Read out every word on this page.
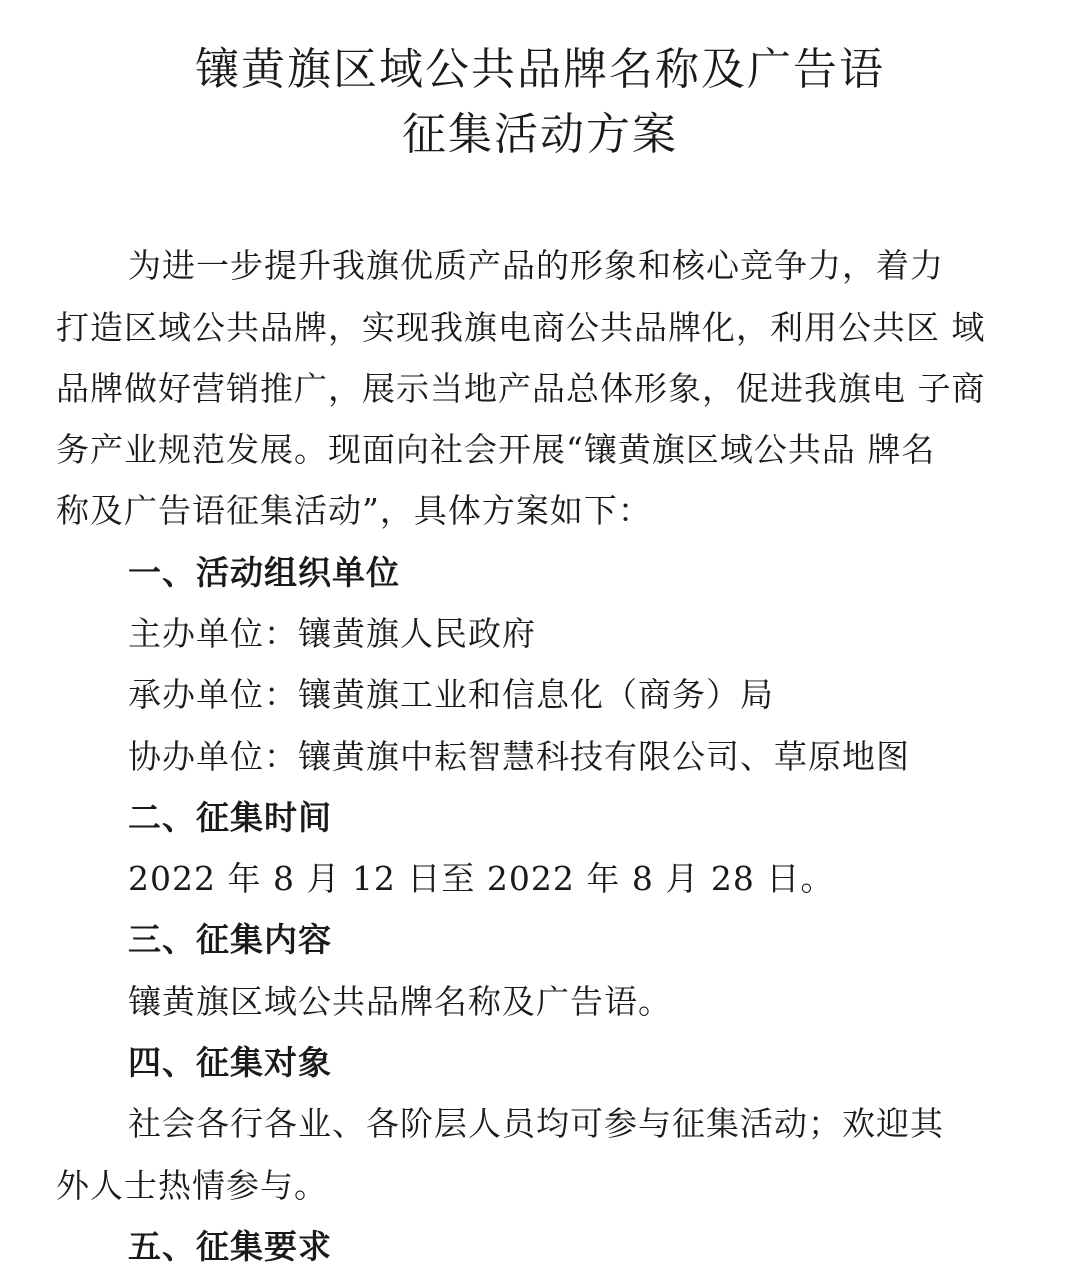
镶黄旗区域公共品牌名称及广告语
征集活动方案

为进一步提升我旗优质产品的形象和核心竞争力，着力

打造区域公共品牌，实现我旗电商公共品牌化，利用公共区 域

品牌做好营销推广，展示当地产品总体形象，促进我旗电 子商

务产业规范发展。现面向社会开展“镶黄旗区域公共品 牌名

称及广告语征集活动”，具体方案如下：

一、活动组织单位

主办单位：镶黄旗人民政府

承办单位：镶黄旗工业和信息化（商务）局

协办单位：镶黄旗中耘智慧科技有限公司、草原地图

二、征集时间

2022 年 8 月 12 日至 2022 年 8 月 28 日。

三、征集内容

镶黄旗区域公共品牌名称及广告语。

四、征集对象

社会各行各业、各阶层人员均可参与征集活动；欢迎其

外人士热情参与。

五、征集要求
